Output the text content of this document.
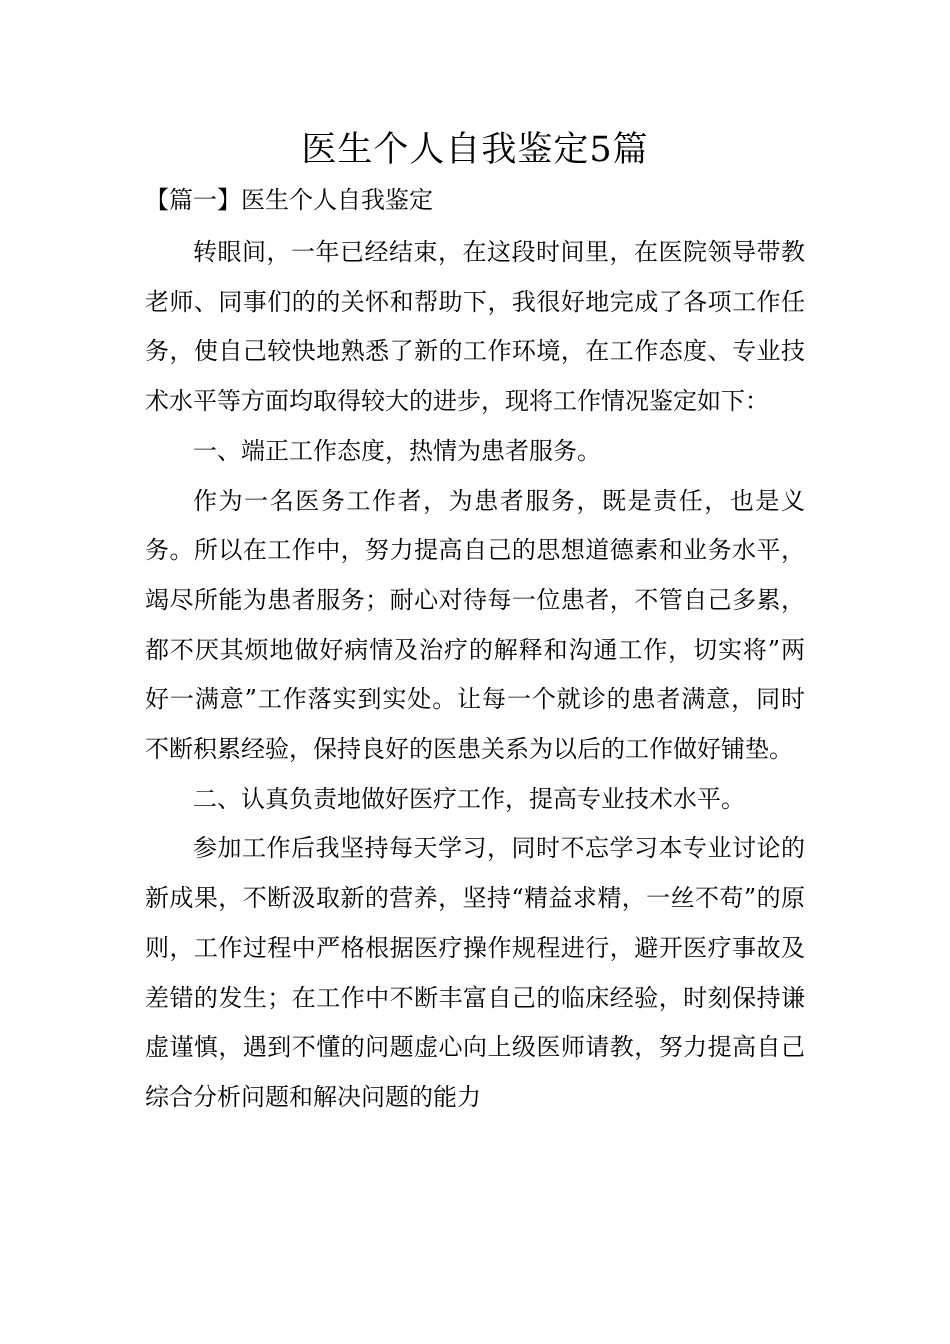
医生个人自我鉴定5篇
【篇一】医生个人自我鉴定

转眼间，一年已经结束，在这段时间里，在医院领导带教老师、同事们的的关怀和帮助下，我很好地完成了各项工作任务，使自己较快地熟悉了新的工作环境，在工作态度、专业技术水平等方面均取得较大的进步，现将工作情况鉴定如下：

一、端正工作态度，热情为患者服务。

作为一名医务工作者，为患者服务，既是责任，也是义务。所以在工作中，努力提高自己的思想道德素和业务水平，竭尽所能为患者服务；耐心对待每一位患者，不管自己多累，都不厌其烦地做好病情及治疗的解释和沟通工作，切实将”两好一满意”工作落实到实处。让每一个就诊的患者满意，同时不断积累经验，保持良好的医患关系为以后的工作做好铺垫。

二、认真负责地做好医疗工作，提高专业技术水平。

参加工作后我坚持每天学习，同时不忘学习本专业讨论的新成果，不断汲取新的营养，坚持“精益求精，一丝不苟”的原则，工作过程中严格根据医疗操作规程进行，避开医疗事故及差错的发生；在工作中不断丰富自己的临床经验，时刻保持谦虚谨慎，遇到不懂的问题虚心向上级医师请教，努力提高自己综合分析问题和解决问题的能力
